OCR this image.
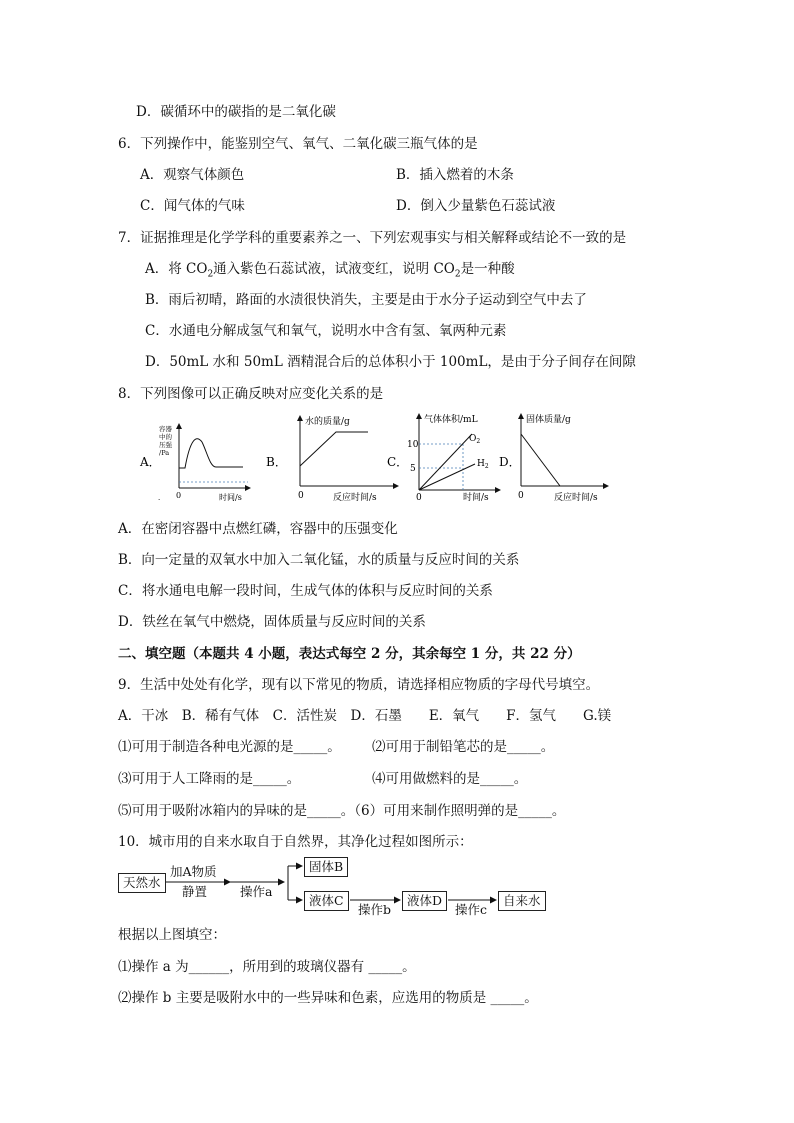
D．碳循环中的碳指的是二氧化碳
6．下列操作中，能鉴别空气、氧气、二氧化碳三瓶气体的是
A．观察气体颜色	B．插入燃着的木条
C．闻气体的气味	D．倒入少量紫色石蕊试液
7．证据推理是化学学科的重要素养之一、下列宏观事实与相关解释或结论不一致的是
A．将 $CO_2$通入紫色石蕊试液，试液变红，说明 $CO_2$是一种酸
B．雨后初晴，路面的水渍很快消失，主要是由于水分子运动到空气中去了
C．水通电分解成氢气和氧气，说明水中含有氢、氧两种元素
D．50mL 水和 50mL 酒精混合后的总体积小于 100mL，是由于分子间存在间隙
8．下列图像可以正确反映对应变化关系的是
A．
容器
中的
压强
/Pa
0	时间/s
.
B．
水的质量/g
0	反应时间/s
C．
气体体积/mL
10
5
$O_2$
$H_2$
0	时间/s
D．
固体质量/g
0	反应时间/s
A．在密闭容器中点燃红磷，容器中的压强变化
B．向一定量的双氧水中加入二氧化锰，水的质量与反应时间的关系
C．将水通电电解一段时间，生成气体的体积与反应时间的关系
D．铁丝在氧气中燃烧，固体质量与反应时间的关系
二、填空题（本题共 4 小题，表达式每空 2 分，其余每空 1 分，共 22 分）
9．生活中处处有化学，现有以下常见的物质，请选择相应物质的字母代号填空。
A．干冰　B．稀有气体　C．活性炭　D．石墨　　E．氧气　　F．氢气　　G.镁
⑴可用于制造各种电光源的是_____。 ⑵可用于制铅笔芯的是_____。
⑶可用于人工降雨的是_____。	⑷可用做燃料的是_____。
⑸可用于吸附冰箱内的异味的是_____。（6）可用来制作照明弹的是_____。
10．城市用的自来水取自于自然界，其净化过程如图所示：
天然水
加A物质
静置	操作a
固体B
液体C
操作b
液体D
操作c
自来水
根据以上图填空：
⑴操作 a 为______，所用到的玻璃仪器有 _____。
⑵操作 b 主要是吸附水中的一些异味和色素，应选用的物质是 _____。
